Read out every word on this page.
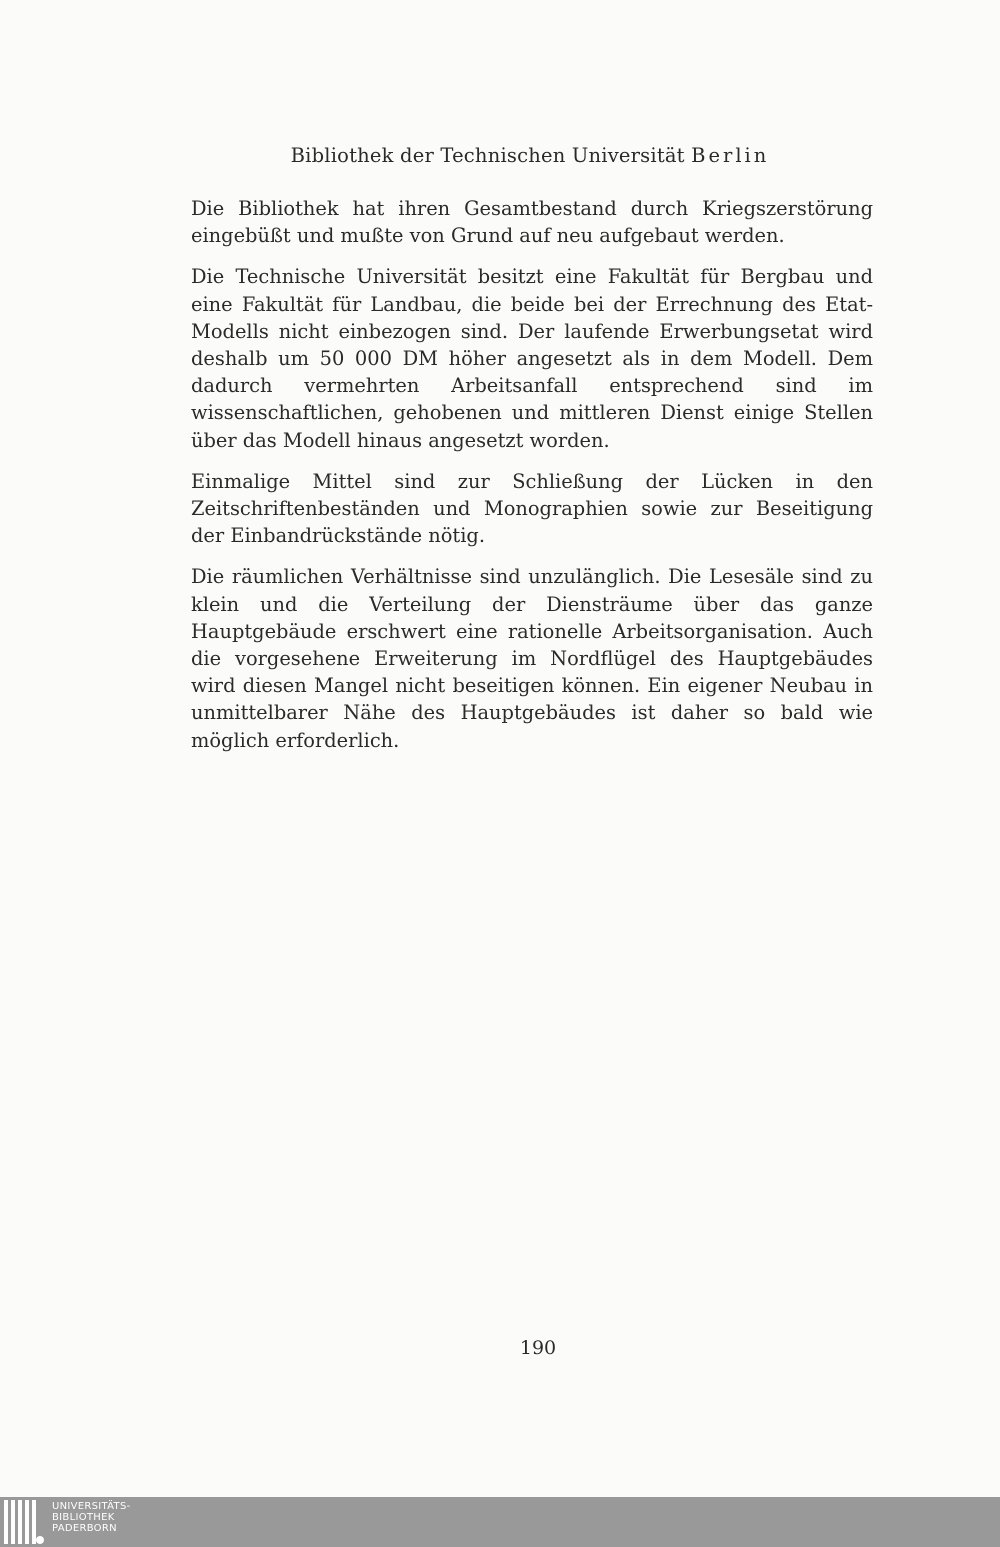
Bibliothek der Technischen Universität Berlin

Die Bibliothek hat ihren Gesamtbestand durch Kriegszerstörung eingebüßt und mußte von Grund auf neu aufgebaut werden.

Die Technische Universität besitzt eine Fakultät für Bergbau und eine Fakultät für Landbau, die beide bei der Errechnung des Etat-Modells nicht einbezogen sind. Der laufende Erwerbungsetat wird deshalb um 50 000 DM höher angesetzt als in dem Modell. Dem dadurch vermehrten Arbeitsanfall entsprechend sind im wissenschaftlichen, gehobenen und mittleren Dienst einige Stellen über das Modell hinaus angesetzt worden.

Einmalige Mittel sind zur Schließung der Lücken in den Zeitschriftenbeständen und Monographien sowie zur Beseitigung der Einbandrückstände nötig.

Die räumlichen Verhältnisse sind unzulänglich. Die Lesesäle sind zu klein und die Verteilung der Diensträume über das ganze Hauptgebäude erschwert eine rationelle Arbeitsorganisation. Auch die vorgesehene Erweiterung im Nordflügel des Hauptgebäudes wird diesen Mangel nicht beseitigen können. Ein eigener Neubau in unmittelbarer Nähe des Hauptgebäudes ist daher so bald wie möglich erforderlich.

190
UNIVERSITÄTS-
BIBLIOTHEK
PADERBORN
